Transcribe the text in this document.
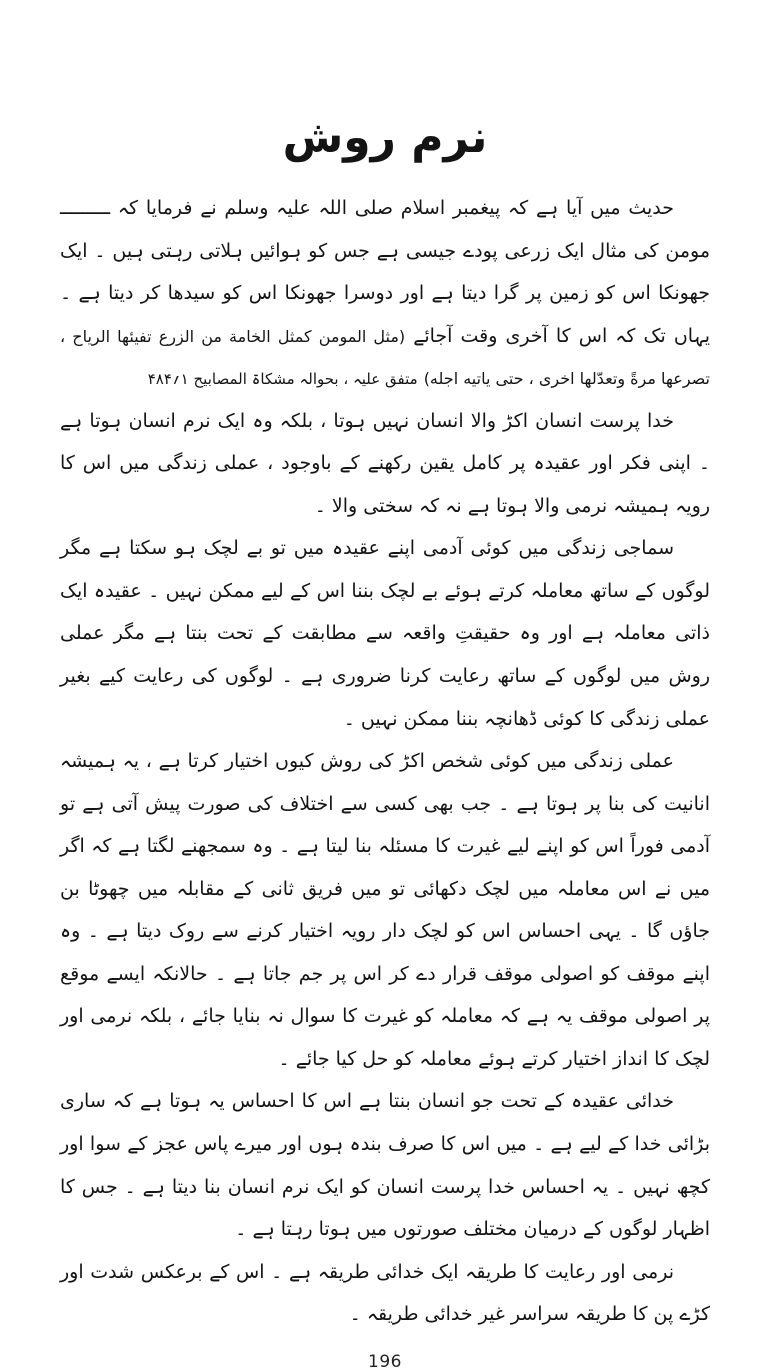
نرم روش

حدیث میں آیا ہے کہ پیغمبر اسلام صلی اللہ علیہ وسلم نے فرمایا کہ ـــــــــ مومن کی مثال ایک زرعی پودے جیسی ہے جس کو ہوائیں ہلاتی رہتی ہیں ۔ ایک جھونکا اس کو زمین پر گرا دیتا ہے اور دوسرا جھونکا اس کو سیدھا کر دیتا ہے ۔ یہاں تک کہ اس کا آخری وقت آجائے (مثل المومن کمثل الخامة من الزرع تفیئها الریاح ، تصرعها مرةً وتعدّلها اخری ، حتی یاتیه اجله) متفق علیہ ، بحوالہ مشکاۃ المصابیح ۱؍۴۸۴

خدا پرست انسان اکڑ والا انسان نہیں ہوتا ، بلکہ وہ ایک نرم انسان ہوتا ہے ۔ اپنی فکر اور عقیدہ پر کامل یقین رکھنے کے باوجود ، عملی زندگی میں اس کا رویہ ہمیشہ نرمی والا ہوتا ہے نہ کہ سختی والا ۔

سماجی زندگی میں کوئی آدمی اپنے عقیدہ میں تو بے لچک ہو سکتا ہے مگر لوگوں کے ساتھ معاملہ کرتے ہوئے بے لچک بننا اس کے لیے ممکن نہیں ۔ عقیدہ ایک ذاتی معاملہ ہے اور وہ حقیقتِ واقعہ سے مطابقت کے تحت بنتا ہے مگر عملی روش میں لوگوں کے ساتھ رعایت کرنا ضروری ہے ۔ لوگوں کی رعایت کیے بغیر عملی زندگی کا کوئی ڈھانچہ بننا ممکن نہیں ۔

عملی زندگی میں کوئی شخص اکڑ کی روش کیوں اختیار کرتا ہے ، یہ ہمیشہ انانیت کی بنا پر ہوتا ہے ۔ جب بھی کسی سے اختلاف کی صورت پیش آتی ہے تو آدمی فوراً اس کو اپنے لیے غیرت کا مسئلہ بنا لیتا ہے ۔ وہ سمجھنے لگتا ہے کہ اگر میں نے اس معاملہ میں لچک دکھائی تو میں فریق ثانی کے مقابلہ میں چھوٹا بن جاؤں گا ۔ یہی احساس اس کو لچک دار رویہ اختیار کرنے سے روک دیتا ہے ۔ وہ اپنے موقف کو اصولی موقف قرار دے کر اس پر جم جاتا ہے ۔ حالانکہ ایسے موقع پر اصولی موقف یہ ہے کہ معاملہ کو غیرت کا سوال نہ بنایا جائے ، بلکہ نرمی اور لچک کا انداز اختیار کرتے ہوئے معاملہ کو حل کیا جائے ۔

خدائی عقیدہ کے تحت جو انسان بنتا ہے اس کا احساس یہ ہوتا ہے کہ ساری بڑائی خدا کے لیے ہے ۔ میں اس کا صرف بندہ ہوں اور میرے پاس عجز کے سوا اور کچھ نہیں ۔ یہ احساس خدا پرست انسان کو ایک نرم انسان بنا دیتا ہے ۔ جس کا اظہار لوگوں کے درمیان مختلف صورتوں میں ہوتا رہتا ہے ۔

نرمی اور رعایت کا طریقہ ایک خدائی طریقہ ہے ۔ اس کے برعکس شدت اور کڑے پن کا طریقہ سراسر غیر خدائی طریقہ ۔

196
